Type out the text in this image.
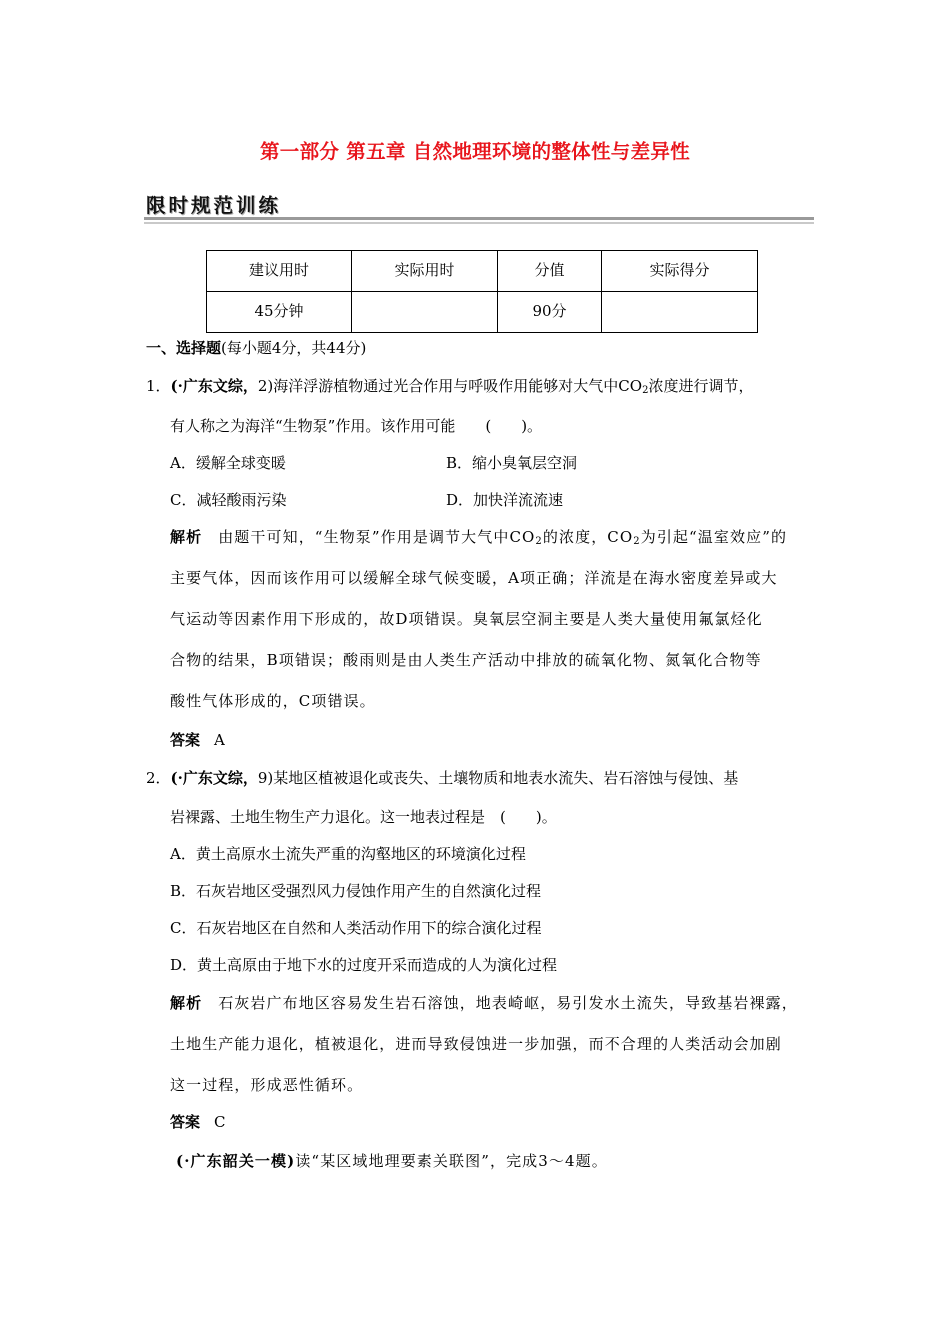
第一部分 第五章 自然地理环境的整体性与差异性
限时规范训练
建议用时	实际用时	分值	实际得分
45分钟		90分	
一、选择题(每小题4分，共44分)
1．(·广东文综，2)海洋浮游植物通过光合作用与呼吸作用能够对大气中$CO_2$浓度进行调节，
有人称之为海洋“生物泵”作用。该作用可能　　(　　)。
A．缓解全球变暖	B．缩小臭氧层空洞
C．减轻酸雨污染	D．加快洋流流速
解析 由题干可知，“生物泵”作用是调节大气中$CO_2$的浓度，$CO_2$为引起“温室效应”的
主要气体，因而该作用可以缓解全球气候变暖，A项正确；洋流是在海水密度差异或大
气运动等因素作用下形成的，故D项错误。臭氧层空洞主要是人类大量使用氟氯烃化
合物的结果，B项错误；酸雨则是由人类生产活动中排放的硫氧化物、氮氧化合物等
酸性气体形成的，C项错误。
答案 A
2．(·广东文综，9)某地区植被退化或丧失、土壤物质和地表水流失、岩石溶蚀与侵蚀、基
岩裸露、土地生物生产力退化。这一地表过程是　(　　)。
A．黄土高原水土流失严重的沟壑地区的环境演化过程
B．石灰岩地区受强烈风力侵蚀作用产生的自然演化过程
C．石灰岩地区在自然和人类活动作用下的综合演化过程
D．黄土高原由于地下水的过度开采而造成的人为演化过程
解析 石灰岩广布地区容易发生岩石溶蚀，地表崎岖，易引发水土流失，导致基岩裸露，
土地生产能力退化，植被退化，进而导致侵蚀进一步加强，而不合理的人类活动会加剧
这一过程，形成恶性循环。
答案 C
(·广东韶关一模)读“某区域地理要素关联图”，完成3～4题。
